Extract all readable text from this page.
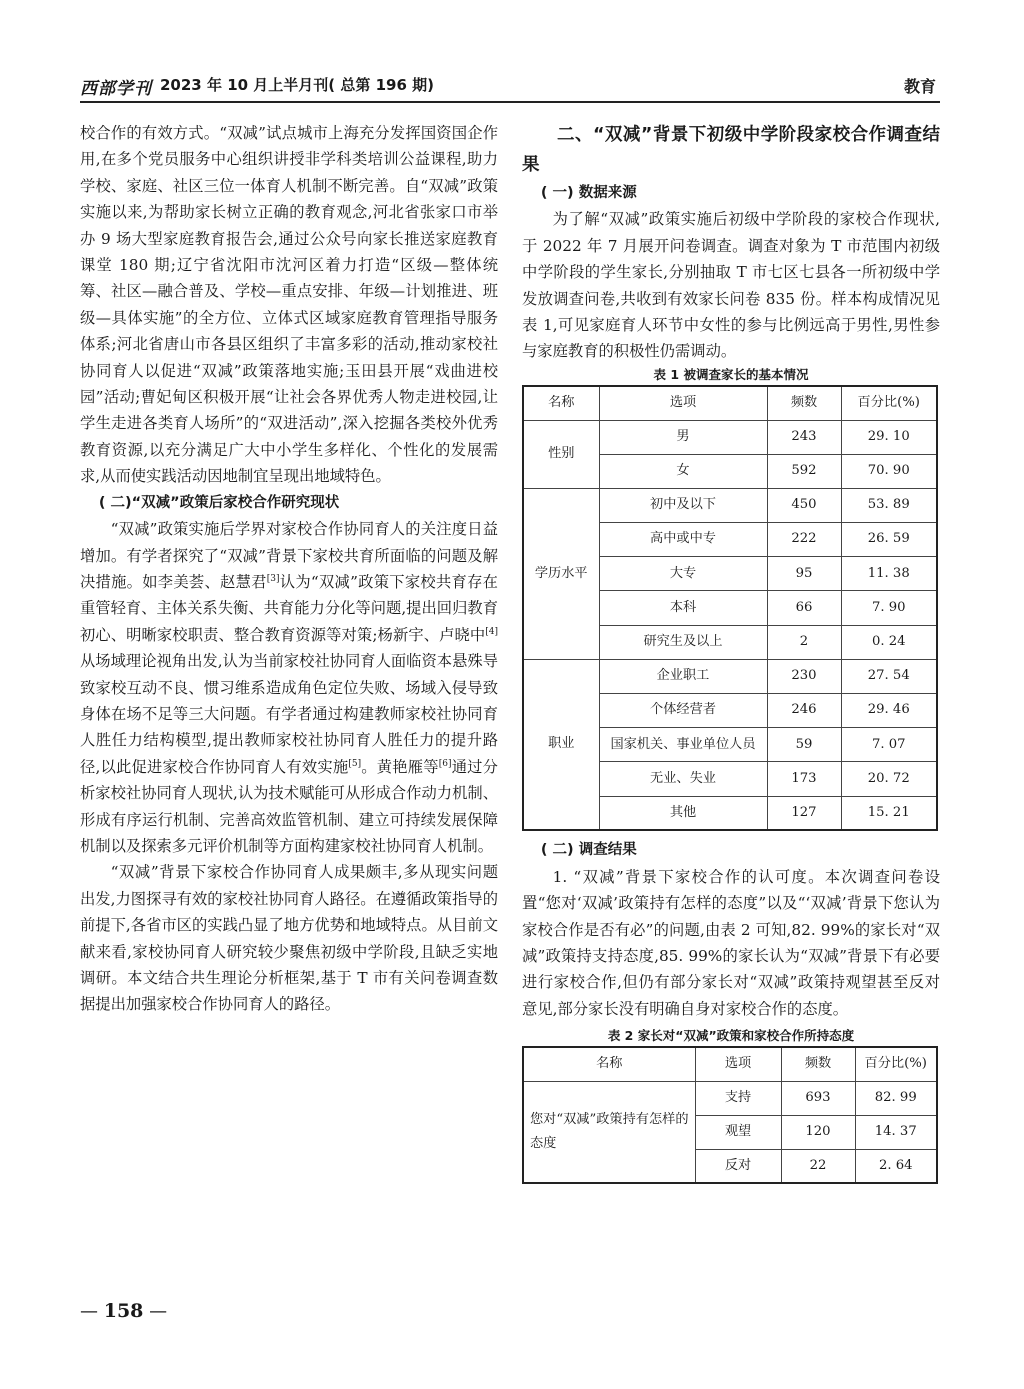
西部学刊 2023 年 10 月上半月刊( 总第 196 期)	教育

校合作的有效方式。“双减”试点城市上海充分发挥国资国企作用,在多个党员服务中心组织讲授非学科类培训公益课程,助力学校、家庭、社区三位一体育人机制不断完善。自“双减”政策实施以来,为帮助家长树立正确的教育观念,河北省张家口市举办 9 场大型家庭教育报告会,通过公众号向家长推送家庭教育课堂 180 期;辽宁省沈阳市沈河区着力打造“区级—整体统筹、社区—融合普及、学校—重点安排、年级—计划推进、班级—具体实施”的全方位、立体式区域家庭教育管理指导服务体系;河北省唐山市各县区组织了丰富多彩的活动,推动家校社协同育人以促进“双减”政策落地实施;玉田县开展“戏曲进校园”活动;曹妃甸区积极开展“让社会各界优秀人物走进校园,让学生走进各类育人场所”的“双进活动”,深入挖掘各类校外优秀教育资源,以充分满足广大中小学生多样化、个性化的发展需求,从而使实践活动因地制宜呈现出地域特色。

( 二)“双减”政策后家校合作研究现状

“双减”政策实施后学界对家校合作协同育人的关注度日益增加。有学者探究了“双减”背景下家校共育所面临的问题及解决措施。如李美荟、赵慧君[3]认为“双减”政策下家校共育存在重管轻育、主体关系失衡、共育能力分化等问题,提出回归教育初心、明晰家校职责、整合教育资源等对策;杨新宇、卢晓中[4]从场域理论视角出发,认为当前家校社协同育人面临资本悬殊导致家校互动不良、惯习维系造成角色定位失败、场域入侵导致身体在场不足等三大问题。有学者通过构建教师家校社协同育人胜任力结构模型,提出教师家校社协同育人胜任力的提升路径,以此促进家校合作协同育人有效实施[5]。黄艳雁等[6]通过分析家校社协同育人现状,认为技术赋能可从形成合作动力机制、形成有序运行机制、完善高效监管机制、建立可持续发展保障机制以及探索多元评价机制等方面构建家校社协同育人机制。

“双减”背景下家校合作协同育人成果颇丰,多从现实问题出发,力图探寻有效的家校社协同育人路径。在遵循政策指导的前提下,各省市区的实践凸显了地方优势和地域特点。从目前文献来看,家校协同育人研究较少聚焦初级中学阶段,且缺乏实地调研。本文结合共生理论分析框架,基于 T 市有关问卷调查数据提出加强家校合作协同育人的路径。

二、“双减”背景下初级中学阶段家校合作调查结果

( 一) 数据来源

为了解“双减”政策实施后初级中学阶段的家校合作现状,于 2022 年 7 月展开问卷调查。调查对象为 T 市范围内初级中学阶段的学生家长,分别抽取 T 市七区七县各一所初级中学发放调查问卷,共收到有效家长问卷 835 份。样本构成情况见表 1,可见家庭育人环节中女性的参与比例远高于男性,男性参与家庭教育的积极性仍需调动。

表 1 被调查家长的基本情况

名称	选项	频数	百分比(%)
性别	男	243	29. 10
	女	592	70. 90
学历水平	初中及以下	450	53. 89
	高中或中专	222	26. 59
	大专	95	11. 38
	本科	66	7. 90
	研究生及以上	2	0. 24
职业	企业职工	230	27. 54
	个体经营者	246	29. 46
	国家机关、事业单位人员	59	7. 07
	无业、失业	173	20. 72
	其他	127	15. 21

( 二) 调查结果

1. “双减”背景下家校合作的认可度。本次调查问卷设置“您对‘双减’政策持有怎样的态度”以及“‘双减’背景下您认为家校合作是否有必”的问题,由表 2 可知,82. 99%的家长对“双减”政策持支持态度,85. 99%的家长认为“双减”背景下有必要进行家校合作,但仍有部分家长对“双减”政策持观望甚至反对意见,部分家长没有明确自身对家校合作的态度。

表 2 家长对“双减”政策和家校合作所持态度

名称	选项	频数	百分比(%)
您对“双减”政策持有怎样的态度	支持	693	82. 99
	观望	120	14. 37
	反对	22	2. 64
— 158 —
